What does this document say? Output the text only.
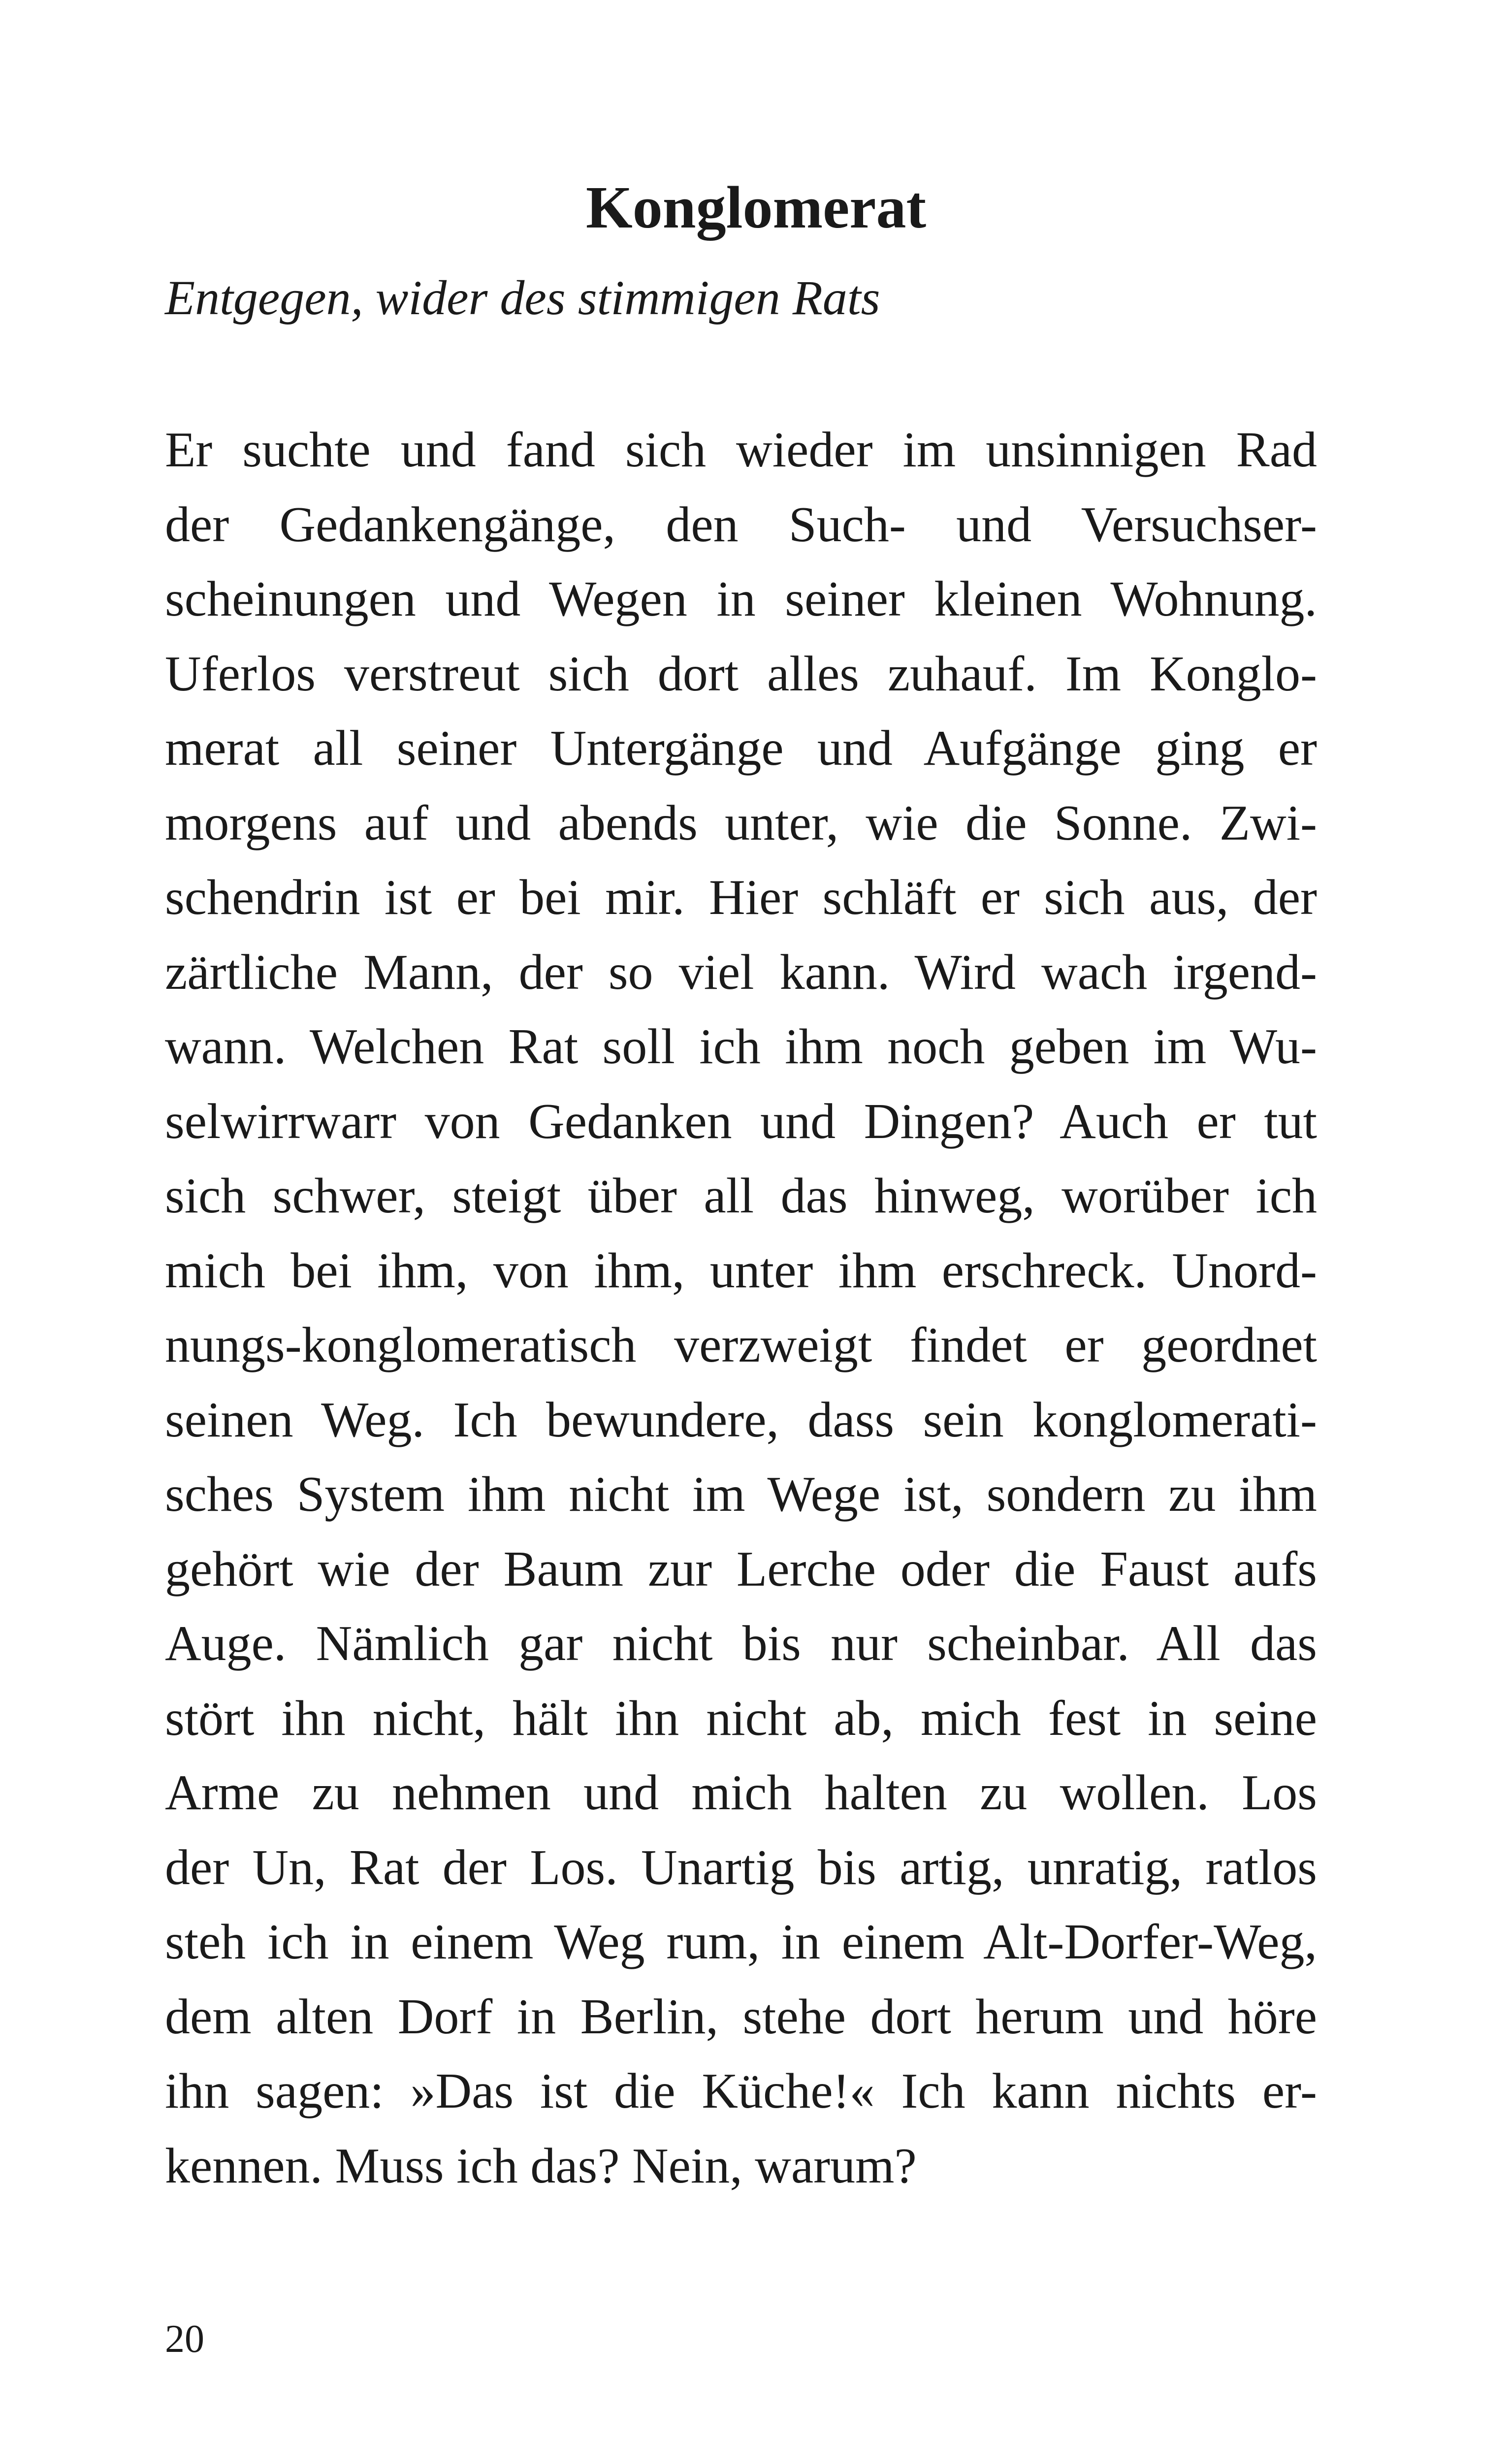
Konglomerat

Entgegen, wider des stimmigen Rats

Er suchte und fand sich wieder im unsinnigen Rad
der Gedankengänge, den Such- und Versuchser-
scheinungen und Wegen in seiner kleinen Wohnung.
Uferlos verstreut sich dort alles zuhauf. Im Konglo-
merat all seiner Untergänge und Aufgänge ging er
morgens auf und abends unter, wie die Sonne. Zwi-
schendrin ist er bei mir. Hier schläft er sich aus, der
zärtliche Mann, der so viel kann. Wird wach irgend-
wann. Welchen Rat soll ich ihm noch geben im Wu-
selwirrwarr von Gedanken und Dingen? Auch er tut
sich schwer, steigt über all das hinweg, worüber ich
mich bei ihm, von ihm, unter ihm erschreck. Unord-
nungs-konglomeratisch verzweigt findet er geordnet
seinen Weg. Ich bewundere, dass sein konglomerati-
sches System ihm nicht im Wege ist, sondern zu ihm
gehört wie der Baum zur Lerche oder die Faust aufs
Auge. Nämlich gar nicht bis nur scheinbar. All das
stört ihn nicht, hält ihn nicht ab, mich fest in seine
Arme zu nehmen und mich halten zu wollen. Los
der Un, Rat der Los. Unartig bis artig, unratig, ratlos
steh ich in einem Weg rum, in einem Alt-Dorfer-Weg,
dem alten Dorf in Berlin, stehe dort herum und höre
ihn sagen: »Das ist die Küche!« Ich kann nichts er-
kennen. Muss ich das? Nein, warum?

20
